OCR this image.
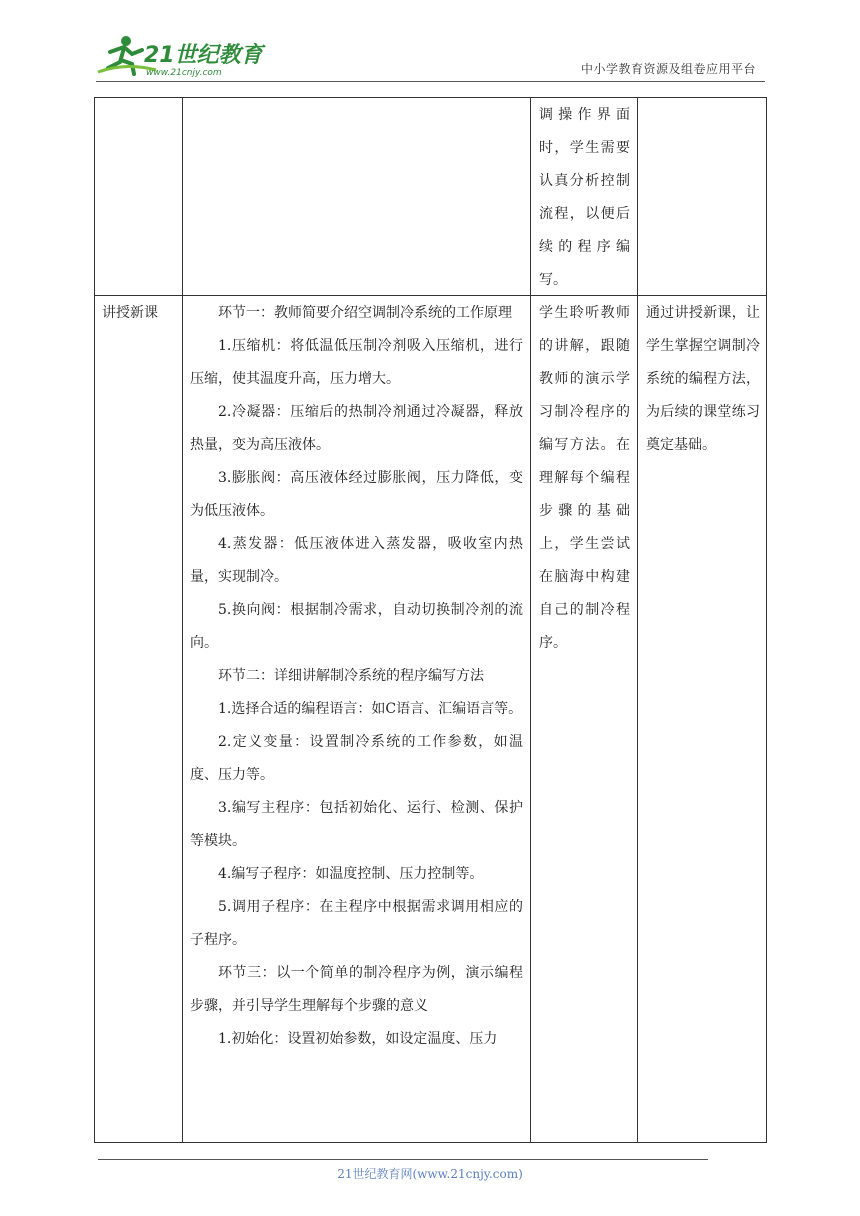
21世纪教育
www.21cnjy.com	中小学教育资源及组卷应用平台

调操作界面时，学生需要认真分析控制流程，以便后续的程序编写。

讲授新课	环节一：教师简要介绍空调制冷系统的工作原理

1.压缩机：将低温低压制冷剂吸入压缩机，进行压缩，使其温度升高，压力增大。

2.冷凝器：压缩后的热制冷剂通过冷凝器，释放热量，变为高压液体。

3.膨胀阀：高压液体经过膨胀阀，压力降低，变为低压液体。

4.蒸发器：低压液体进入蒸发器，吸收室内热量，实现制冷。

5.换向阀：根据制冷需求，自动切换制冷剂的流向。

环节二：详细讲解制冷系统的程序编写方法

1.选择合适的编程语言：如C语言、汇编语言等。

2.定义变量：设置制冷系统的工作参数，如温度、压力等。

3.编写主程序：包括初始化、运行、检测、保护等模块。

4.编写子程序：如温度控制、压力控制等。

5.调用子程序：在主程序中根据需求调用相应的子程序。

环节三：以一个简单的制冷程序为例，演示编程步骤，并引导学生理解每个步骤的意义

1.初始化：设置初始参数，如设定温度、压力

学生聆听教师的讲解，跟随教师的演示学习制冷程序的编写方法。在理解每个编程步骤的基础上，学生尝试在脑海中构建自己的制冷程序。

通过讲授新课，让学生掌握空调制冷系统的编程方法，为后续的课堂练习奠定基础。

21世纪教育网(www.21cnjy.com)
